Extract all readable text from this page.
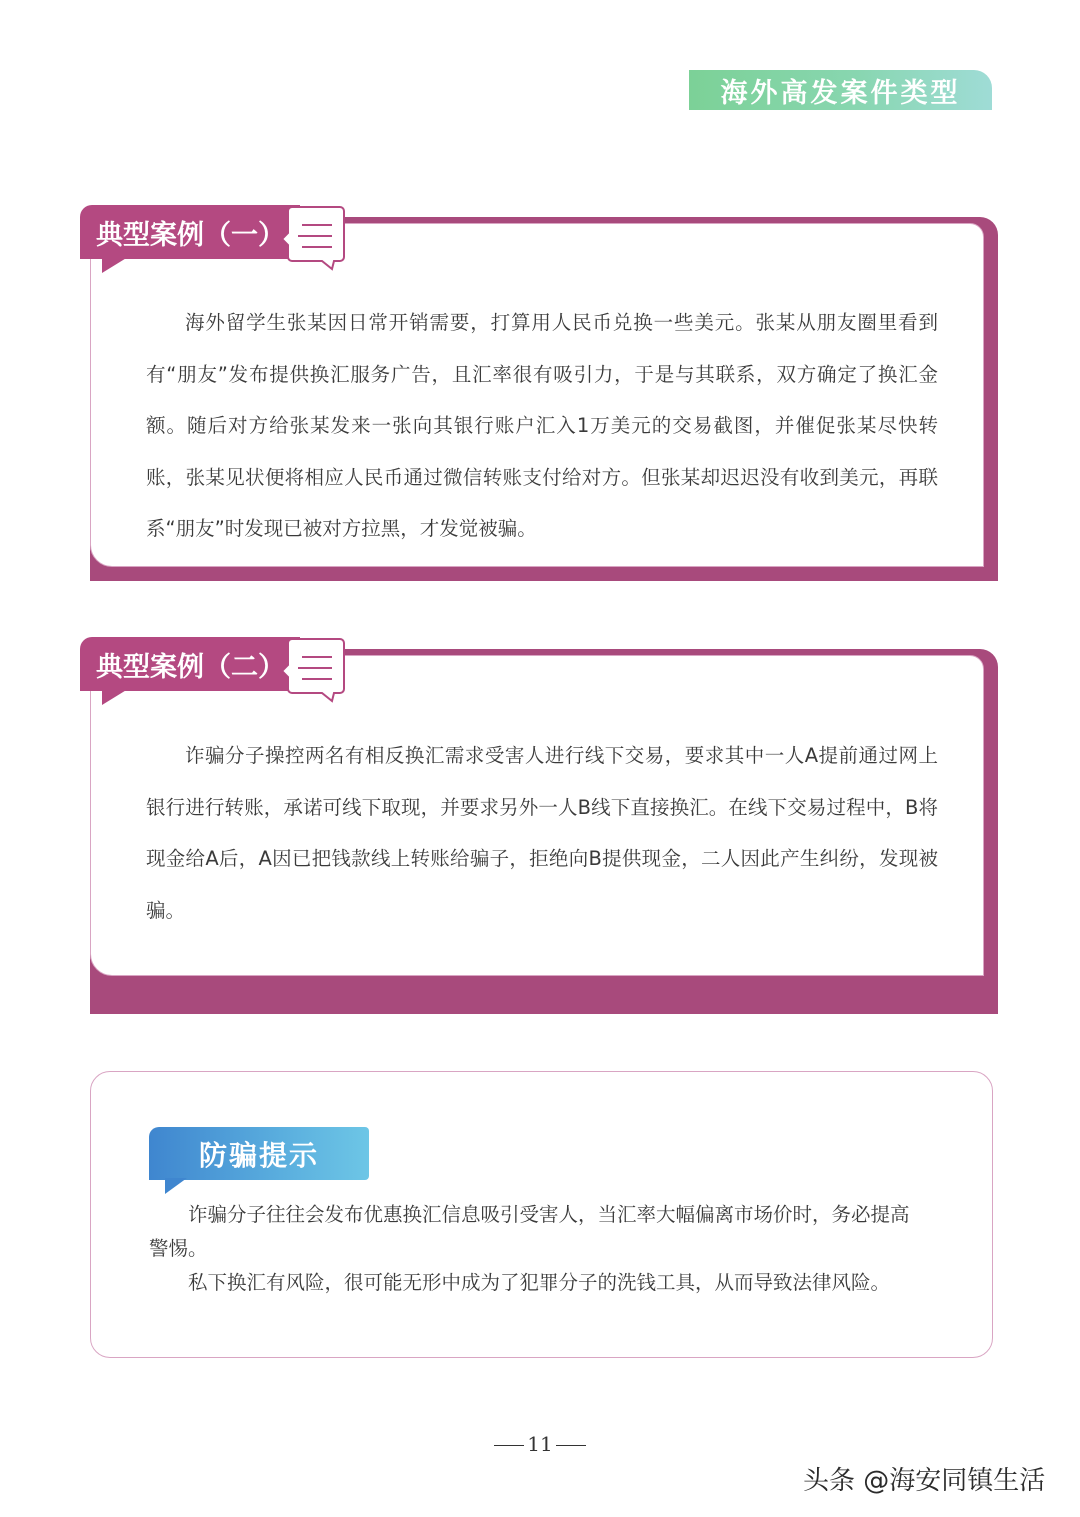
海外高发案件类型
典型案例（一）
海外留学生张某因日常开销需要，打算用人民币兑换一些美元。张某从朋友圈里看到有“朋友”发布提供换汇服务广告，且汇率很有吸引力，于是与其联系，双方确定了换汇金额。随后对方给张某发来一张向其银行账户汇入1万美元的交易截图，并催促张某尽快转账，张某见状便将相应人民币通过微信转账支付给对方。但张某却迟迟没有收到美元，再联系“朋友”时发现已被对方拉黑，才发觉被骗。
典型案例（二）
诈骗分子操控两名有相反换汇需求受害人进行线下交易，要求其中一人A提前通过网上银行进行转账，承诺可线下取现，并要求另外一人B线下直接换汇。在线下交易过程中，B将现金给A后，A因已把钱款线上转账给骗子，拒绝向B提供现金，二人因此产生纠纷，发现被骗。
防骗提示

诈骗分子往往会发布优惠换汇信息吸引受害人，当汇率大幅偏离市场价时，务必提高警惕。

私下换汇有风险，很可能无形中成为了犯罪分子的洗钱工具，从而导致法律风险。

11
头条 @海安同镇生活
